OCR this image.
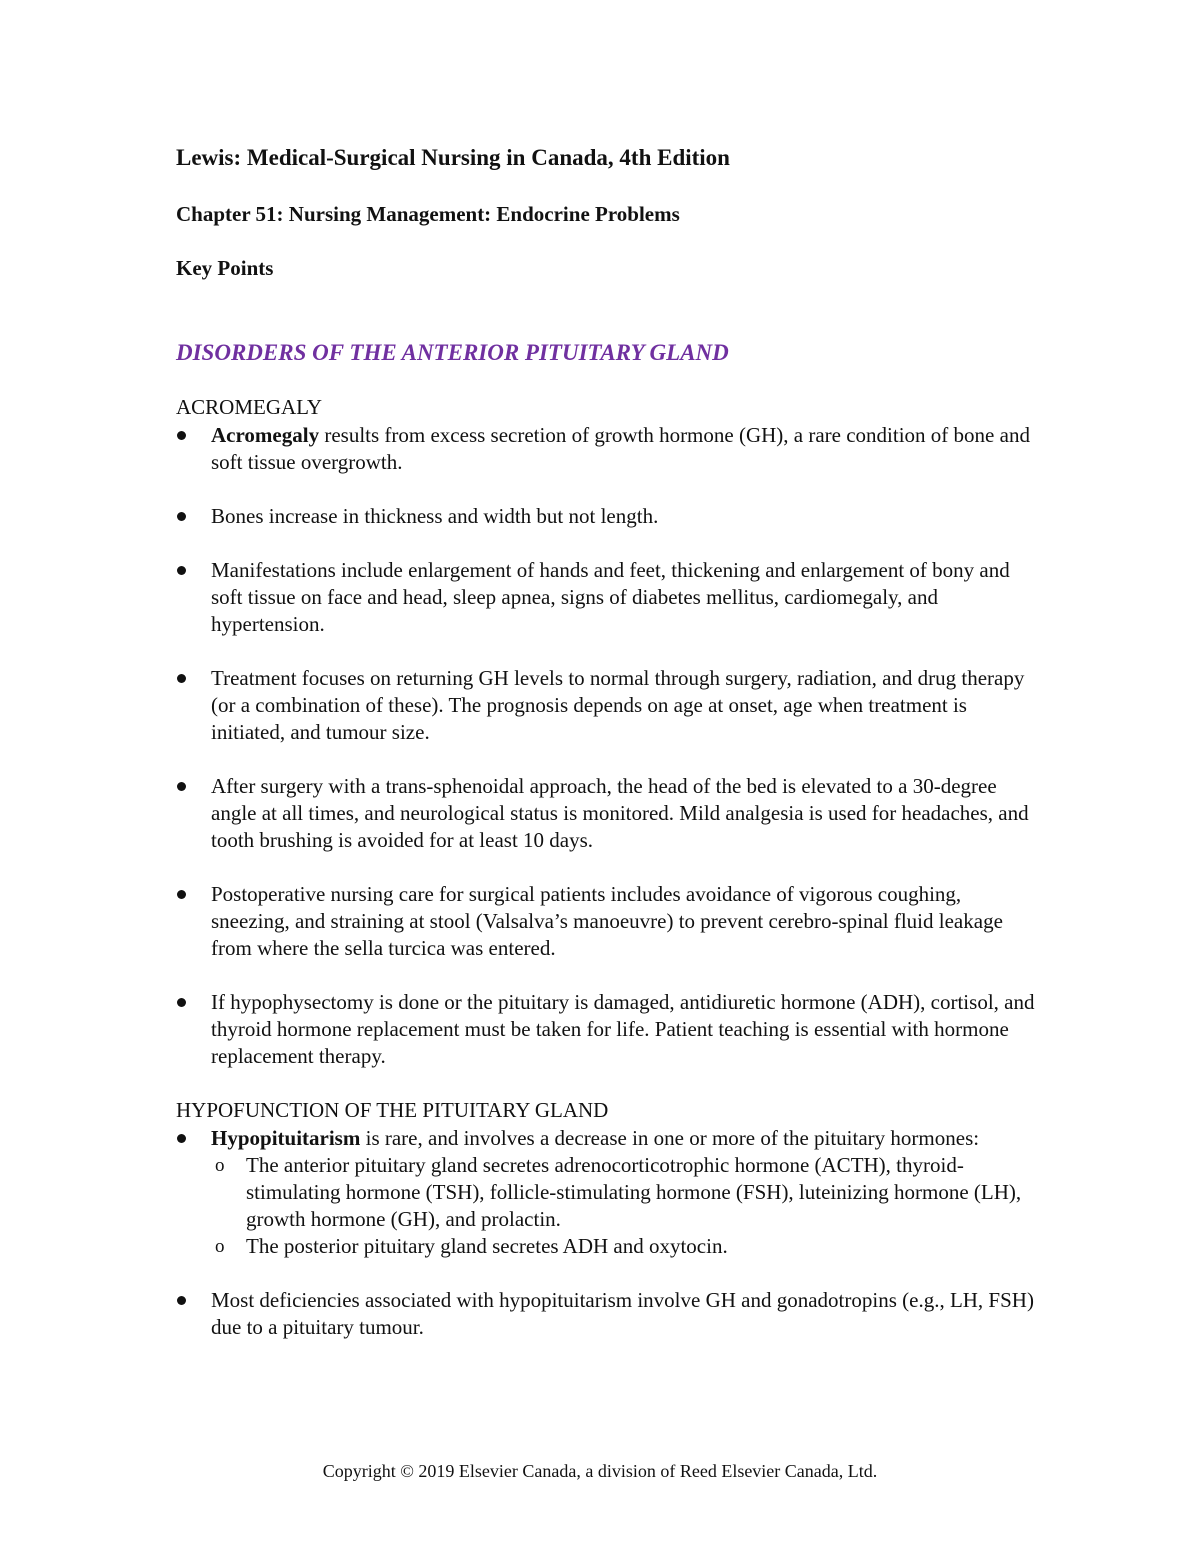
Lewis: Medical-Surgical Nursing in Canada, 4th Edition
Chapter 51: Nursing Management: Endocrine Problems
Key Points
DISORDERS OF THE ANTERIOR PITUITARY GLAND
ACROMEGALY
Acromegaly results from excess secretion of growth hormone (GH), a rare condition of bone and soft tissue overgrowth.
Bones increase in thickness and width but not length.
Manifestations include enlargement of hands and feet, thickening and enlargement of bony and soft tissue on face and head, sleep apnea, signs of diabetes mellitus, cardiomegaly, and hypertension.
Treatment focuses on returning GH levels to normal through surgery, radiation, and drug therapy (or a combination of these). The prognosis depends on age at onset, age when treatment is initiated, and tumour size.
After surgery with a trans-sphenoidal approach, the head of the bed is elevated to a 30-degree angle at all times, and neurological status is monitored. Mild analgesia is used for headaches, and tooth brushing is avoided for at least 10 days.
Postoperative nursing care for surgical patients includes avoidance of vigorous coughing, sneezing, and straining at stool (Valsalva’s manoeuvre) to prevent cerebro-spinal fluid leakage from where the sella turcica was entered.
If hypophysectomy is done or the pituitary is damaged, antidiuretic hormone (ADH), cortisol, and thyroid hormone replacement must be taken for life. Patient teaching is essential with hormone replacement therapy.
HYPOFUNCTION OF THE PITUITARY GLAND
Hypopituitarism is rare, and involves a decrease in one or more of the pituitary hormones:
o The anterior pituitary gland secretes adrenocorticotrophic hormone (ACTH), thyroid-stimulating hormone (TSH), follicle-stimulating hormone (FSH), luteinizing hormone (LH), growth hormone (GH), and prolactin.
o The posterior pituitary gland secretes ADH and oxytocin.
Most deficiencies associated with hypopituitarism involve GH and gonadotropins (e.g., LH, FSH) due to a pituitary tumour.
Copyright © 2019 Elsevier Canada, a division of Reed Elsevier Canada, Ltd.
